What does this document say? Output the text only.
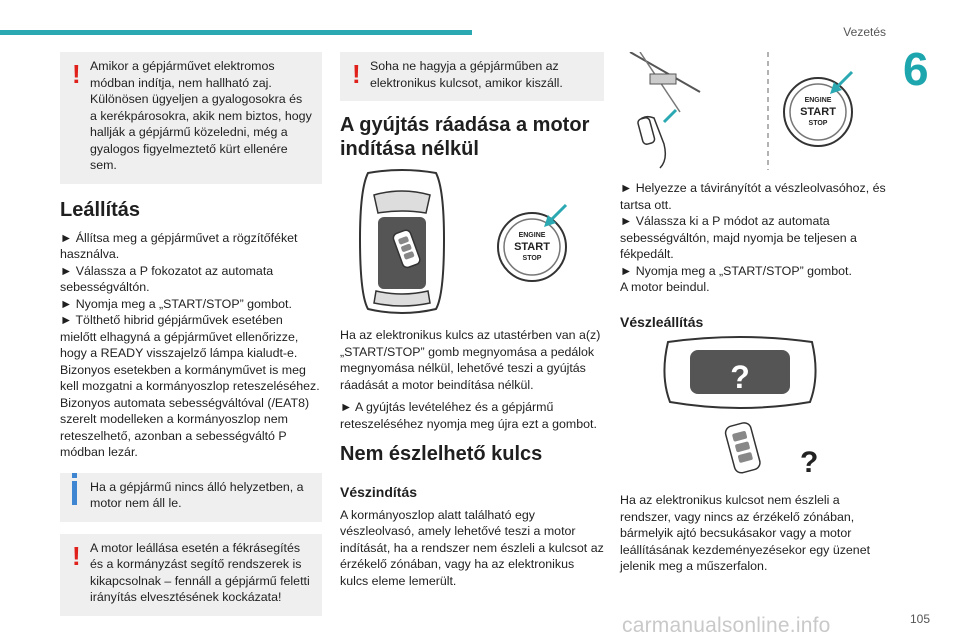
Vezetés
6
! Amikor a gépjárművet elektromos módban indítja, nem hallható zaj. Különösen ügyeljen a gyalogosokra és a kerékpárosokra, akik nem biztos, hogy hallják a gépjármű közeledni, még a gyalogos figyelmeztető kürt ellenére sem.

Leállítás

► Állítsa meg a gépjárművet a rögzítőféket használva.

► Válassza a P fokozatot az automata sebességváltón.

► Nyomja meg a „START/STOP” gombot.

► Tölthető hibrid gépjárművek esetében mielőtt elhagyná a gépjárművet ellenőrizze, hogy a READY visszajelző lámpa kialudt-e.

Bizonyos esetekben a kormányművet is meg kell mozgatni a kormányoszlop reteszeléséhez. Bizonyos automata sebességváltóval (/EAT8) szerelt modelleken a kormányoszlop nem reteszelhető, azonban a sebességváltó P módban lezár.

Ha a gépjármű nincs álló helyzetben, a motor nem áll le.

! A motor leállása esetén a fékrásegítés és a kormányzást segítő rendszerek is kikapcsolnak – fennáll a gépjármű feletti irányítás elvesztésének kockázata!

! Soha ne hagyja a gépjárműben az elektronikus kulcsot, amikor kiszáll.

A gyújtás ráadása a motor indítása nélkül
ENGINE
START
STOP

Ha az elektronikus kulcs az utastérben van a(z) „START/STOP” gomb megnyomása a pedálok megnyomása nélkül, lehetővé teszi a gyújtás ráadását a motor beindítása nélkül.

► A gyújtás levételéhez és a gépjármű reteszeléséhez nyomja meg újra ezt a gombot.

Nem észlelhető kulcs
Vészindítás

A kormányoszlop alatt található egy vészleolvasó, amely lehetővé teszi a motor indítását, ha a rendszer nem észleli a kulcsot az érzékelő zónában, vagy ha az elektronikus kulcs eleme lemerült.

ENGINE
START
STOP

► Helyezze a távirányítót a vészleolvasóhoz, és tartsa ott.

► Válassza ki a P módot az automata sebességváltón, majd nyomja be teljesen a fékpedált.

► Nyomja meg a „START/STOP” gombot.

A motor beindul.

Vészleállítás
?
?

Ha az elektronikus kulcsot nem észleli a rendszer, vagy nincs az érzékelő zónában, bármelyik ajtó becsukásakor vagy a motor leállításának kezdeményezésekor egy üzenet jelenik meg a műszerfalon.

carmanualsonline.info	105
